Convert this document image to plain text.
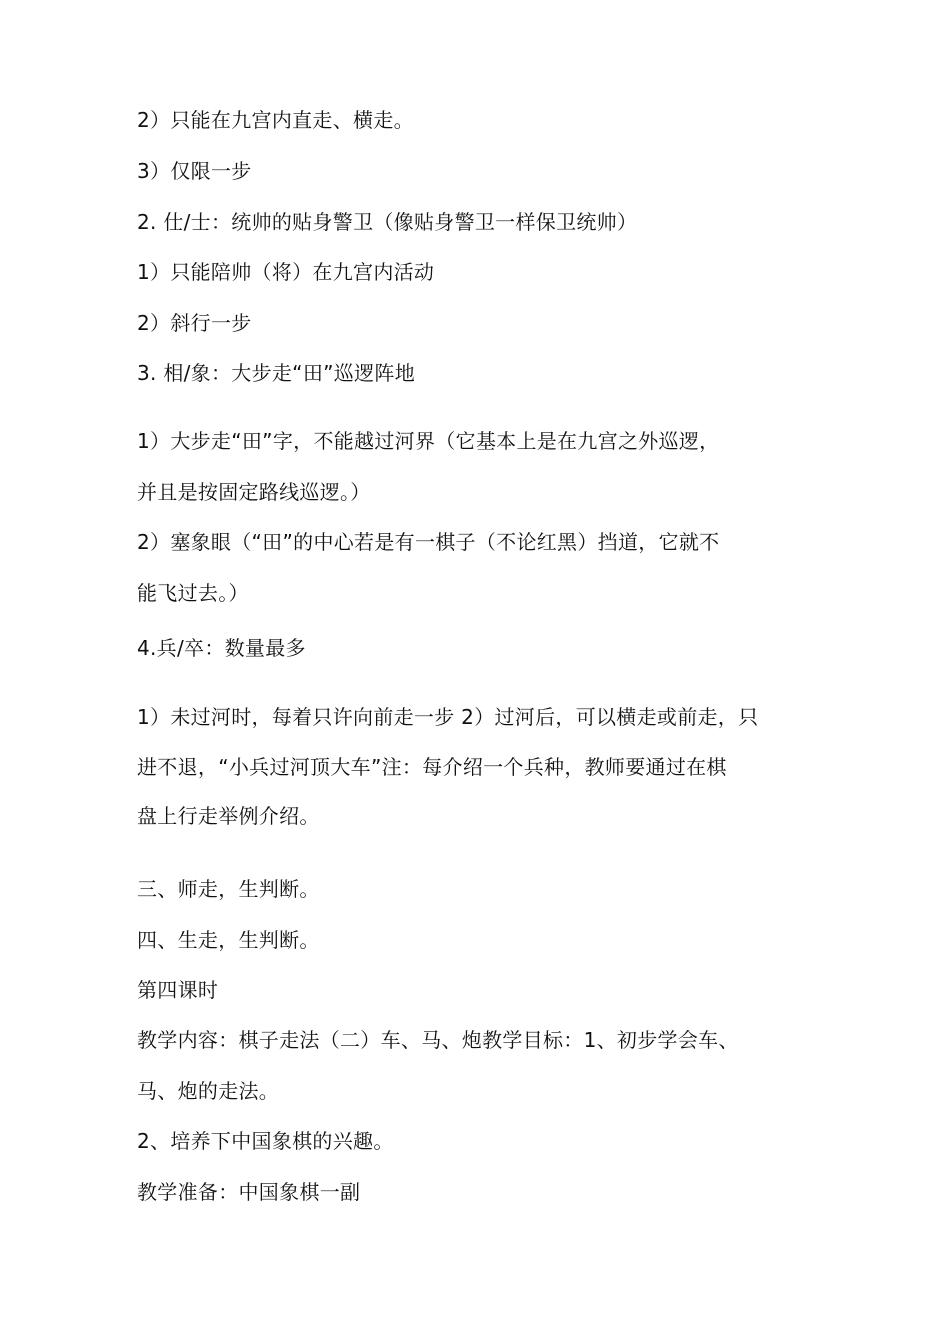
2）只能在九宫内直走、横走。
3）仅限一步
2. 仕/士：统帅的贴身警卫（像贴身警卫一样保卫统帅）
1）只能陪帅（将）在九宫内活动
2）斜行一步
3. 相/象：大步走“田”巡逻阵地
1）大步走“田”字，不能越过河界（它基本上是在九宫之外巡逻，
并且是按固定路线巡逻。）
2）塞象眼（“田”的中心若是有一棋子（不论红黑）挡道，它就不
能飞过去。）
4.兵/卒：数量最多
1）未过河时，每着只许向前走一步 2）过河后，可以横走或前走，只
进不退，“小兵过河顶大车”注：每介绍一个兵种，教师要通过在棋
盘上行走举例介绍。
三、师走，生判断。
四、生走，生判断。
第四课时
教学内容：棋子走法（二）车、马、炮教学目标：1、初步学会车、
马、炮的走法。
2、培养下中国象棋的兴趣。
教学准备：中国象棋一副
